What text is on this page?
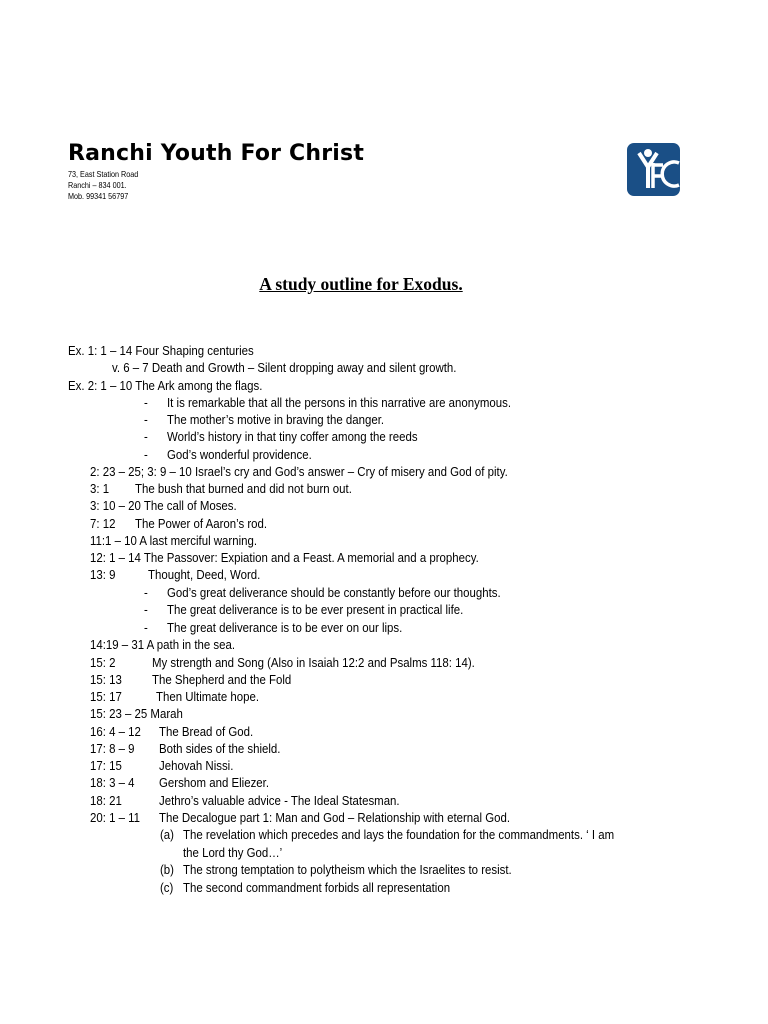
Ranchi Youth For Christ
73, East Station Road
Ranchi – 834 001.
Mob. 99341 56797
A study outline for Exodus.
Ex. 1: 1 – 14 Four Shaping centuries
v. 6 – 7 Death and Growth – Silent dropping away and silent growth.
Ex. 2: 1 – 10 The Ark among the flags.
- It is remarkable that all the persons in this narrative are anonymous.
- The mother’s motive in braving the danger.
- World’s history in that tiny coffer among the reeds
- God’s wonderful providence.
2: 23 – 25; 3: 9 – 10 Israel’s cry and God’s answer – Cry of misery and God of pity.
3: 1 The bush that burned and did not burn out.
3: 10 – 20 The call of Moses.
7: 12 The Power of Aaron’s rod.
11:1 – 10 A last merciful warning.
12: 1 – 14 The Passover: Expiation and a Feast. A memorial and a prophecy.
13: 9	Thought, Deed, Word.
- God’s great deliverance should be constantly before our thoughts.
- The great deliverance is to be ever present in practical life.
- The great deliverance is to be ever on our lips.
14:19 – 31 A path in the sea.
15: 2	My strength and Song (Also in Isaiah 12:2 and Psalms 118: 14).
15: 13 The Shepherd and the Fold
15: 17	Then Ultimate hope.
15: 23 – 25 Marah
16: 4 – 12 The Bread of God.
17: 8 – 9 Both sides of the shield.
17: 15	Jehovah Nissi.
18: 3 – 4 Gershom and Eliezer.
18: 21	Jethro’s valuable advice - The Ideal Statesman.
20: 1 – 11 The Decalogue part 1: Man and God – Relationship with eternal God.
(a) The revelation which precedes and lays the foundation for the commandments. ‘ I am
the Lord thy God…’
(b) The strong temptation to polytheism which the Israelites to resist.
(c) The second commandment forbids all representation
